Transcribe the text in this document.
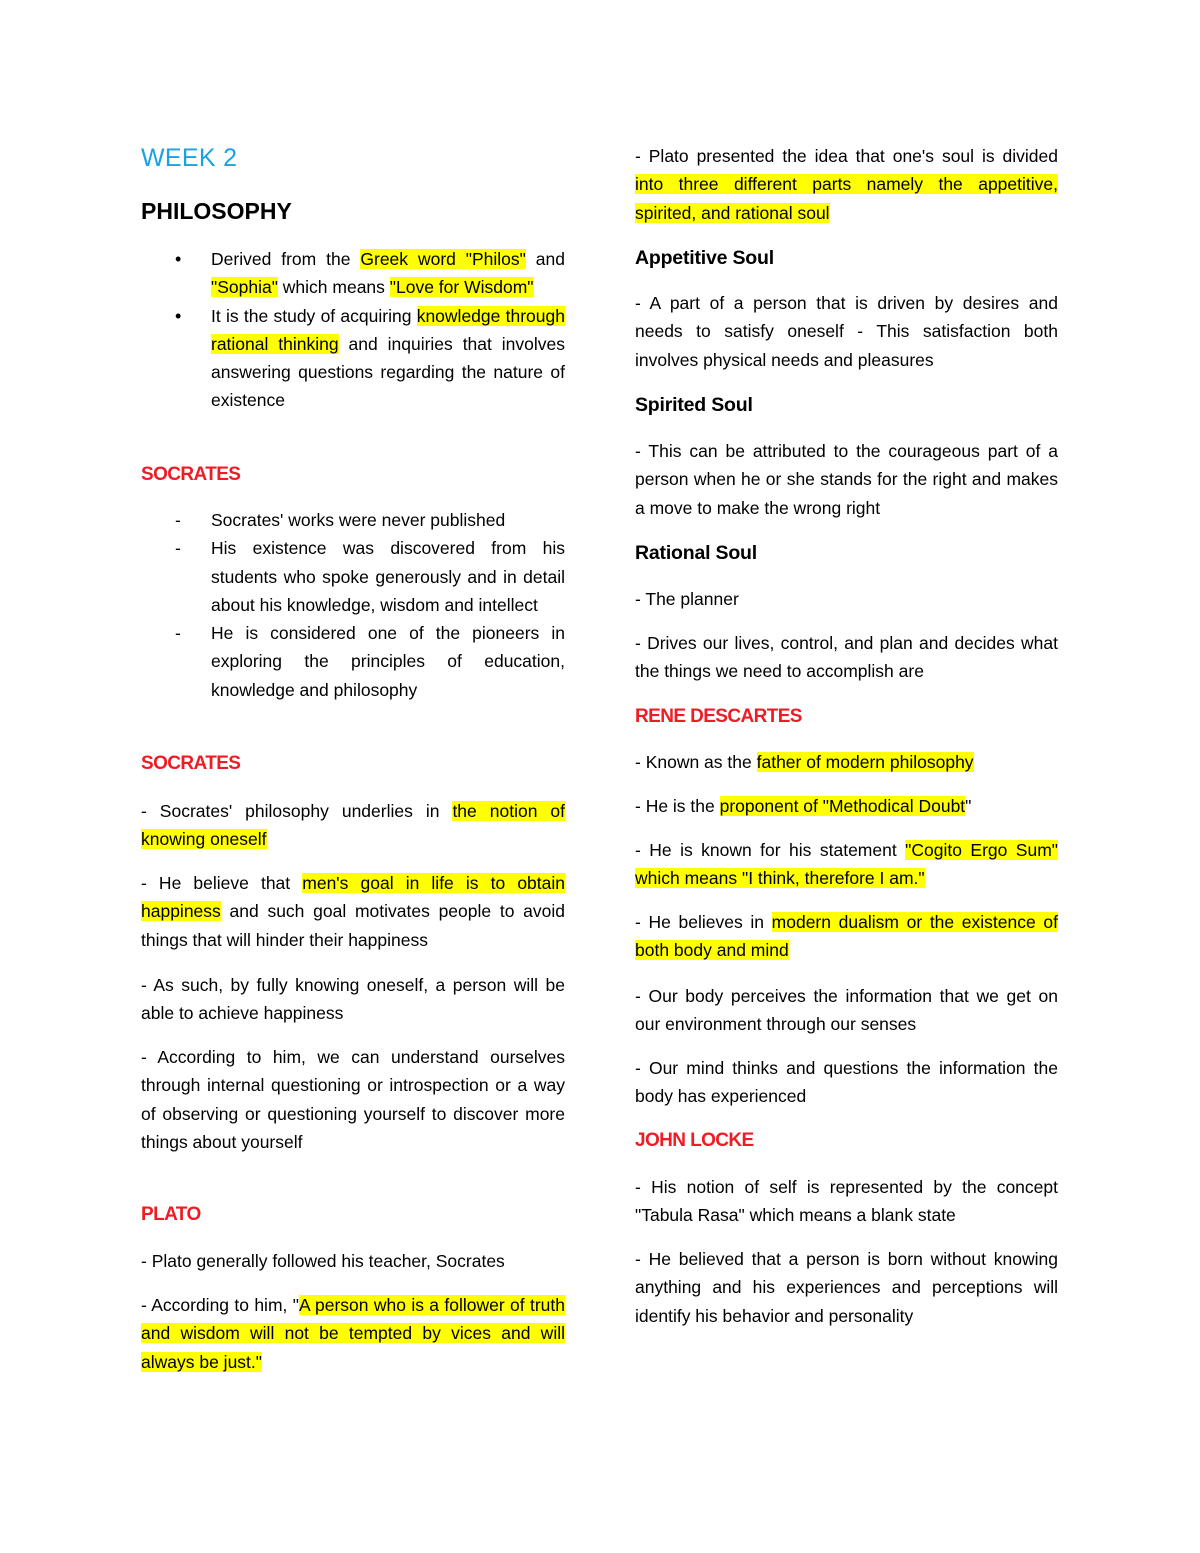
WEEK 2
PHILOSOPHY
• Derived from the Greek word "Philos" and "Sophia" which means "Love for Wisdom"
• It is the study of acquiring knowledge through rational thinking and inquiries that involves answering questions regarding the nature of existence
SOCRATES
- Socrates' works were never published
- His existence was discovered from his students who spoke generously and in detail about his knowledge, wisdom and intellect
- He is considered one of the pioneers in exploring the principles of education, knowledge and philosophy
SOCRATES

- Socrates' philosophy underlies in the notion of knowing oneself

- He believe that men's goal in life is to obtain happiness and such goal motivates people to avoid things that will hinder their happiness

- As such, by fully knowing oneself, a person will be able to achieve happiness

- According to him, we can understand ourselves through internal questioning or introspection or a way of observing or questioning yourself to discover more things about yourself

PLATO

- Plato generally followed his teacher, Socrates

- According to him, "A person who is a follower of truth and wisdom will not be tempted by vices and will always be just."

- Plato presented the idea that one's soul is divided into three different parts namely the appetitive, spirited, and rational soul

Appetitive Soul

- A part of a person that is driven by desires and needs to satisfy oneself - This satisfaction both involves physical needs and pleasures

Spirited Soul

- This can be attributed to the courageous part of a person when he or she stands for the right and makes a move to make the wrong right

Rational Soul

- The planner

- Drives our lives, control, and plan and decides what the things we need to accomplish are

RENE DESCARTES

- Known as the father of modern philosophy

- He is the proponent of "Methodical Doubt"

- He is known for his statement "Cogito Ergo Sum" which means "I think, therefore I am."

- He believes in modern dualism or the existence of both body and mind

- Our body perceives the information that we get on our environment through our senses

- Our mind thinks and questions the information the body has experienced

JOHN LOCKE

- His notion of self is represented by the concept "Tabula Rasa" which means a blank state

- He believed that a person is born without knowing anything and his experiences and perceptions will identify his behavior and personality
